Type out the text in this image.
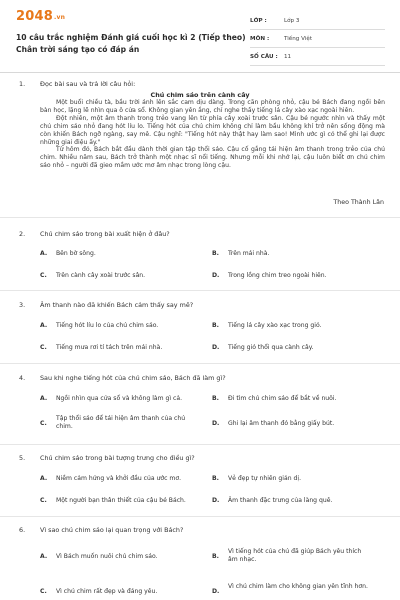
2048.vn
10 câu trắc nghiệm Đánh giá cuối học kì 2 (Tiếp theo) Chân trời sáng tạo có đáp án
LỚP :	Lớp 3
MÔN :	Tiếng Việt
SỐ CÂU :	11
1. Đọc bài sau và trả lời câu hỏi:
Chú chim sáo trên cành cây

Một buổi chiều tà, bầu trời ánh lên sắc cam dịu dàng. Trong căn phòng nhỏ, cậu bé Bách đang ngồi bên bàn học, lặng lẽ nhìn qua ô cửa sổ. Không gian yên ắng, chỉ nghe thấy tiếng lá cây xào xạc ngoài hiên.

Đột nhiên, một âm thanh trong trẻo vang lên từ phía cây xoài trước sân. Cậu bé ngước nhìn và thấy một chú chim sáo nhỏ đang hót líu lo. Tiếng hót của chú chim không chỉ làm bầu không khí trở nên sống động mà còn khiến Bách ngỡ ngàng, say mê. Cậu nghĩ: "Tiếng hót này thật hay làm sao! Mình ước gì có thể ghi lại được những giai điệu ấy."

Từ hôm đó, Bách bắt đầu dành thời gian tập thổi sáo. Cậu cố gắng tái hiện âm thanh trong trẻo của chú chim. Nhiều năm sau, Bách trở thành một nhạc sĩ nổi tiếng. Nhưng mỗi khi nhớ lại, cậu luôn biết ơn chú chim sáo nhỏ – người đã gieo mầm ước mơ âm nhạc trong lòng cậu.

Theo Thành Lân
2. Chú chim sáo trong bài xuất hiện ở đâu?
A. Bên bờ sông.	B. Trên mái nhà.
C. Trên cành cây xoài trước sân.	D. Trong lồng chim treo ngoài hiên.
3. Âm thanh nào đã khiến Bách cảm thấy say mê?
A. Tiếng hót líu lo của chú chim sáo.	B. Tiếng lá cây xào xạc trong gió.
C. Tiếng mưa rơi tí tách trên mái nhà.	D. Tiếng gió thổi qua cành cây.
4. Sau khi nghe tiếng hót của chú chim sáo, Bách đã làm gì?
A. Ngồi nhìn qua cửa sổ và không làm gì cả.	B. Đi tìm chú chim sáo để bắt về nuôi.
C.
Tập thổi sáo để tái hiện âm thanh của chú chim.	D. Ghi lại âm thanh đó bằng giấy bút.
5. Chú chim sáo trong bài tượng trưng cho điều gì?
A. Niềm cảm hứng và khởi đầu của ước mơ.	B. Vẻ đẹp tự nhiên giản dị.
C. Một người bạn thân thiết của cậu bé Bách.	D. Âm thanh đặc trưng của làng quê.
6. Vì sao chú chim sáo lại quan trọng với Bách?
A. Vì Bách muốn nuôi chú chim sáo.	B.
Vì tiếng hót của chú đã giúp Bách yêu thích âm nhạc.
C. Vì chú chim rất đẹp và đáng yêu.	D.
Vì chú chim làm cho không gian yên tĩnh hơn.
